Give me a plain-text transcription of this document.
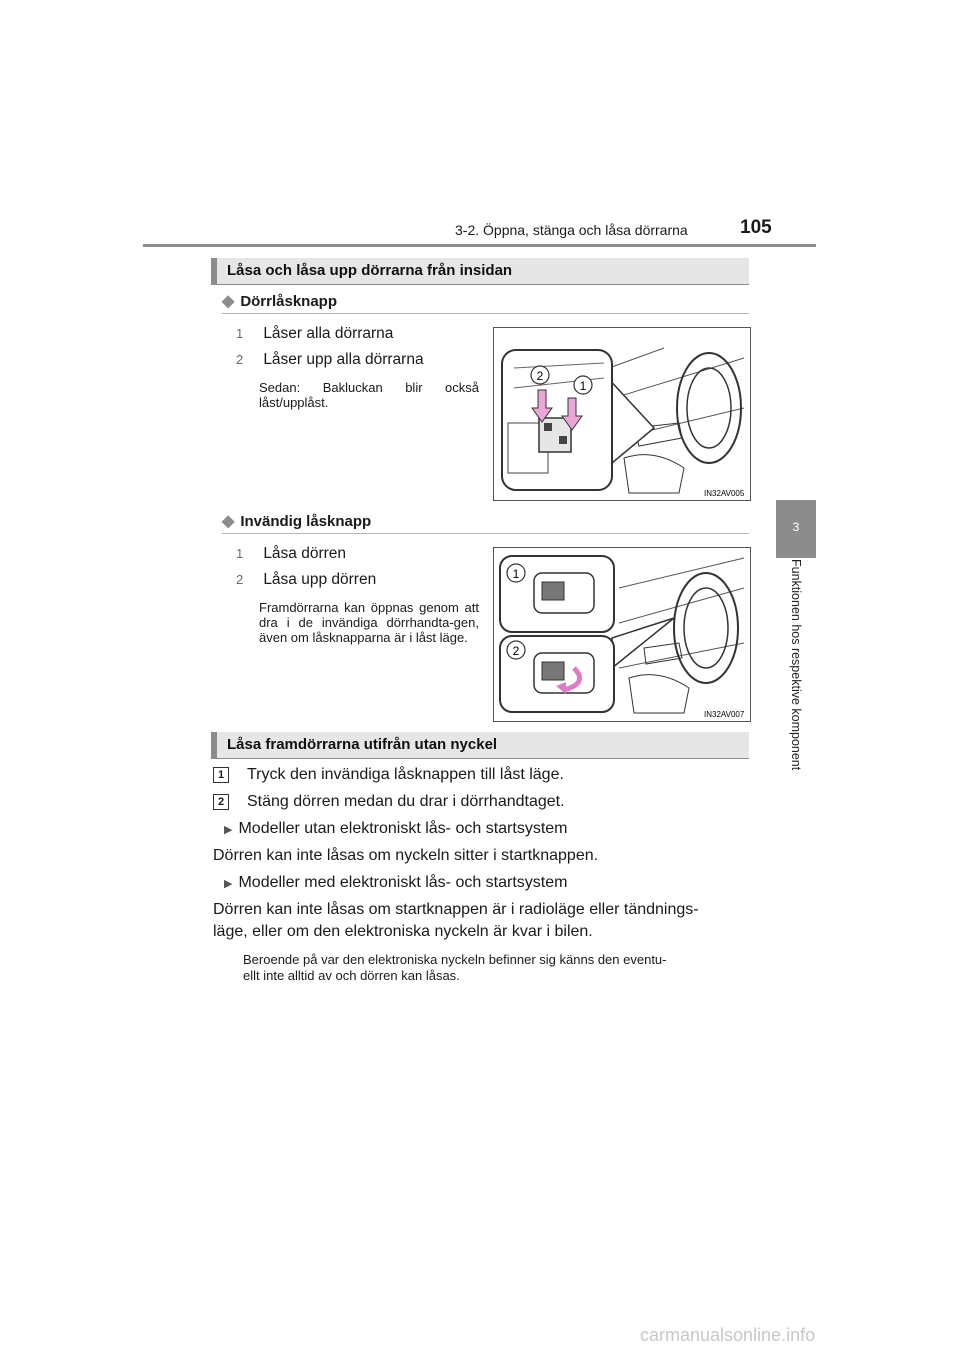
3-2. Öppna, stänga och låsa dörrarna	105
3
Funktionen hos respektive komponent
Låsa och låsa upp dörrarna från insidan
◆ Dörrlåsknapp
1 Låser alla dörrarna
2 Låser upp alla dörrarna
Sedan: Bakluckan blir också låst/upplåst.
2
1
IN32AV005
◆ Invändig låsknapp
1 Låsa dörren
2 Låsa upp dörren
Framdörrarna kan öppnas genom att dra i de invändiga dörrhandta-gen, även om låsknapparna är i låst läge.
1
2
IN32AV007
Låsa framdörrarna utifrån utan nyckel
1 Tryck den invändiga låsknappen till låst läge.
2 Stäng dörren medan du drar i dörrhandtaget.
▶ Modeller utan elektroniskt lås- och startsystem
Dörren kan inte låsas om nyckeln sitter i startknappen.
▶ Modeller med elektroniskt lås- och startsystem
Dörren kan inte låsas om startknappen är i radioläge eller tändnings-
läge, eller om den elektroniska nyckeln är kvar i bilen.
Beroende på var den elektroniska nyckeln befinner sig känns den eventu-
ellt inte alltid av och dörren kan låsas.
carmanualsonline.info
